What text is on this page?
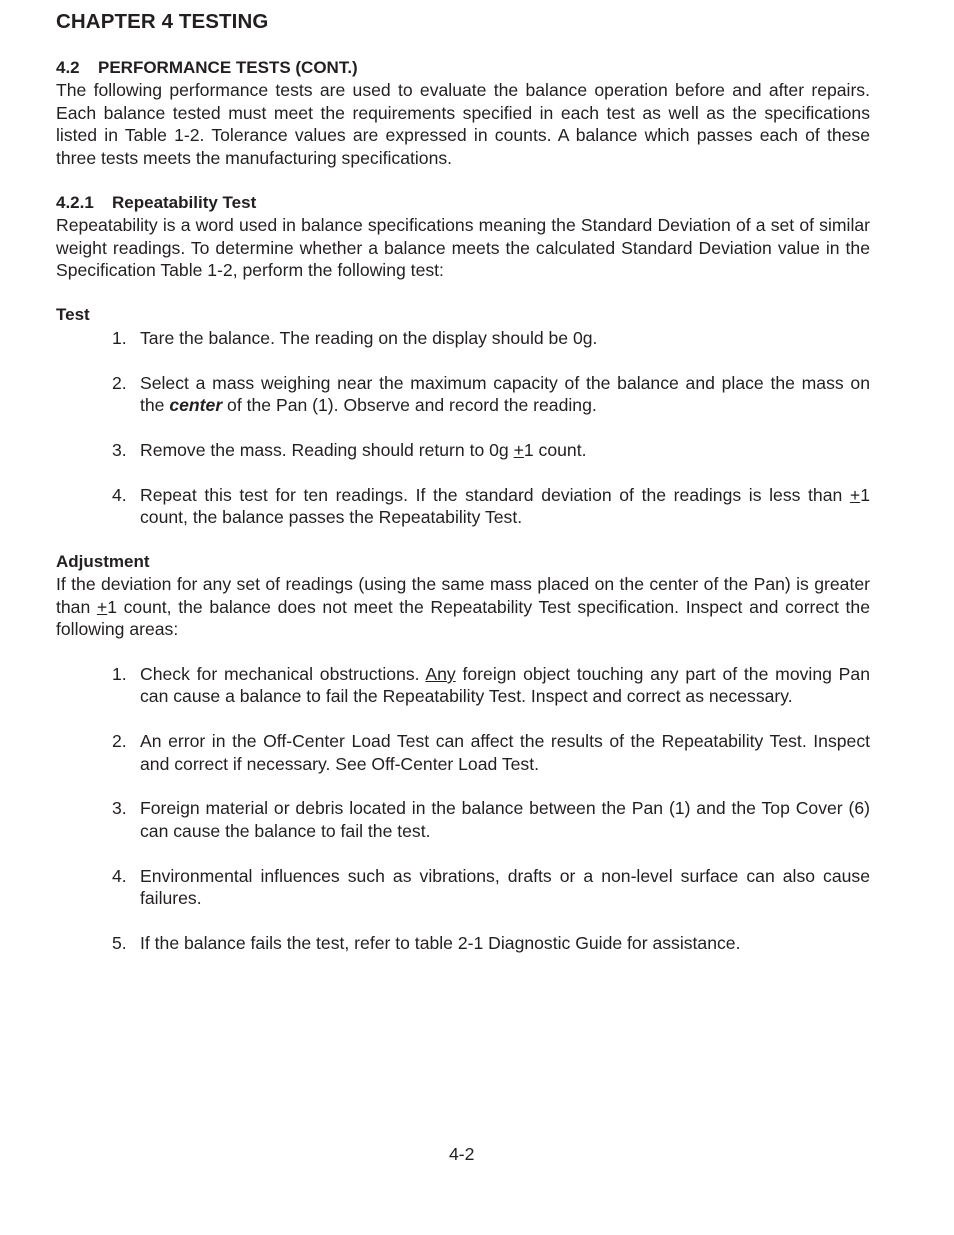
CHAPTER 4 TESTING

4.2 PERFORMANCE TESTS (CONT.)

The following performance tests are used to evaluate the balance operation before and after repairs. Each balance tested must meet the requirements specified in each test as well as the specifications listed in Table 1-2. Tolerance values are expressed in counts. A balance which passes each of these three tests meets the manufacturing specifications.

4.2.1 Repeatability Test

Repeatability is a word used in balance specifications meaning the Standard Deviation of a set of similar weight readings. To determine whether a balance meets the calculated Standard Deviation value in the Specification Table 1-2, perform the following test:

Test

1. Tare the balance. The reading on the display should be 0g.
2. Select a mass weighing near the maximum capacity of the balance and place the mass on the center of the Pan (1). Observe and record the reading.
3. Remove the mass. Reading should return to 0g +1 count.
4. Repeat this test for ten readings. If the standard deviation of the readings is less than +1 count, the balance passes the Repeatability Test.

Adjustment

If the deviation for any set of readings (using the same mass placed on the center of the Pan) is greater than +1 count, the balance does not meet the Repeatability Test specification. Inspect and correct the following areas:

1. Check for mechanical obstructions. Any foreign object touching any part of the moving Pan can cause a balance to fail the Repeatability Test. Inspect and correct as necessary.
2. An error in the Off-Center Load Test can affect the results of the Repeatability Test. Inspect and correct if necessary. See Off-Center Load Test.
3. Foreign material or debris located in the balance between the Pan (1) and the Top Cover (6) can cause the balance to fail the test.
4. Environmental influences such as vibrations, drafts or a non-level surface can also cause failures.
5. If the balance fails the test, refer to table 2-1 Diagnostic Guide for assistance.
4-2
